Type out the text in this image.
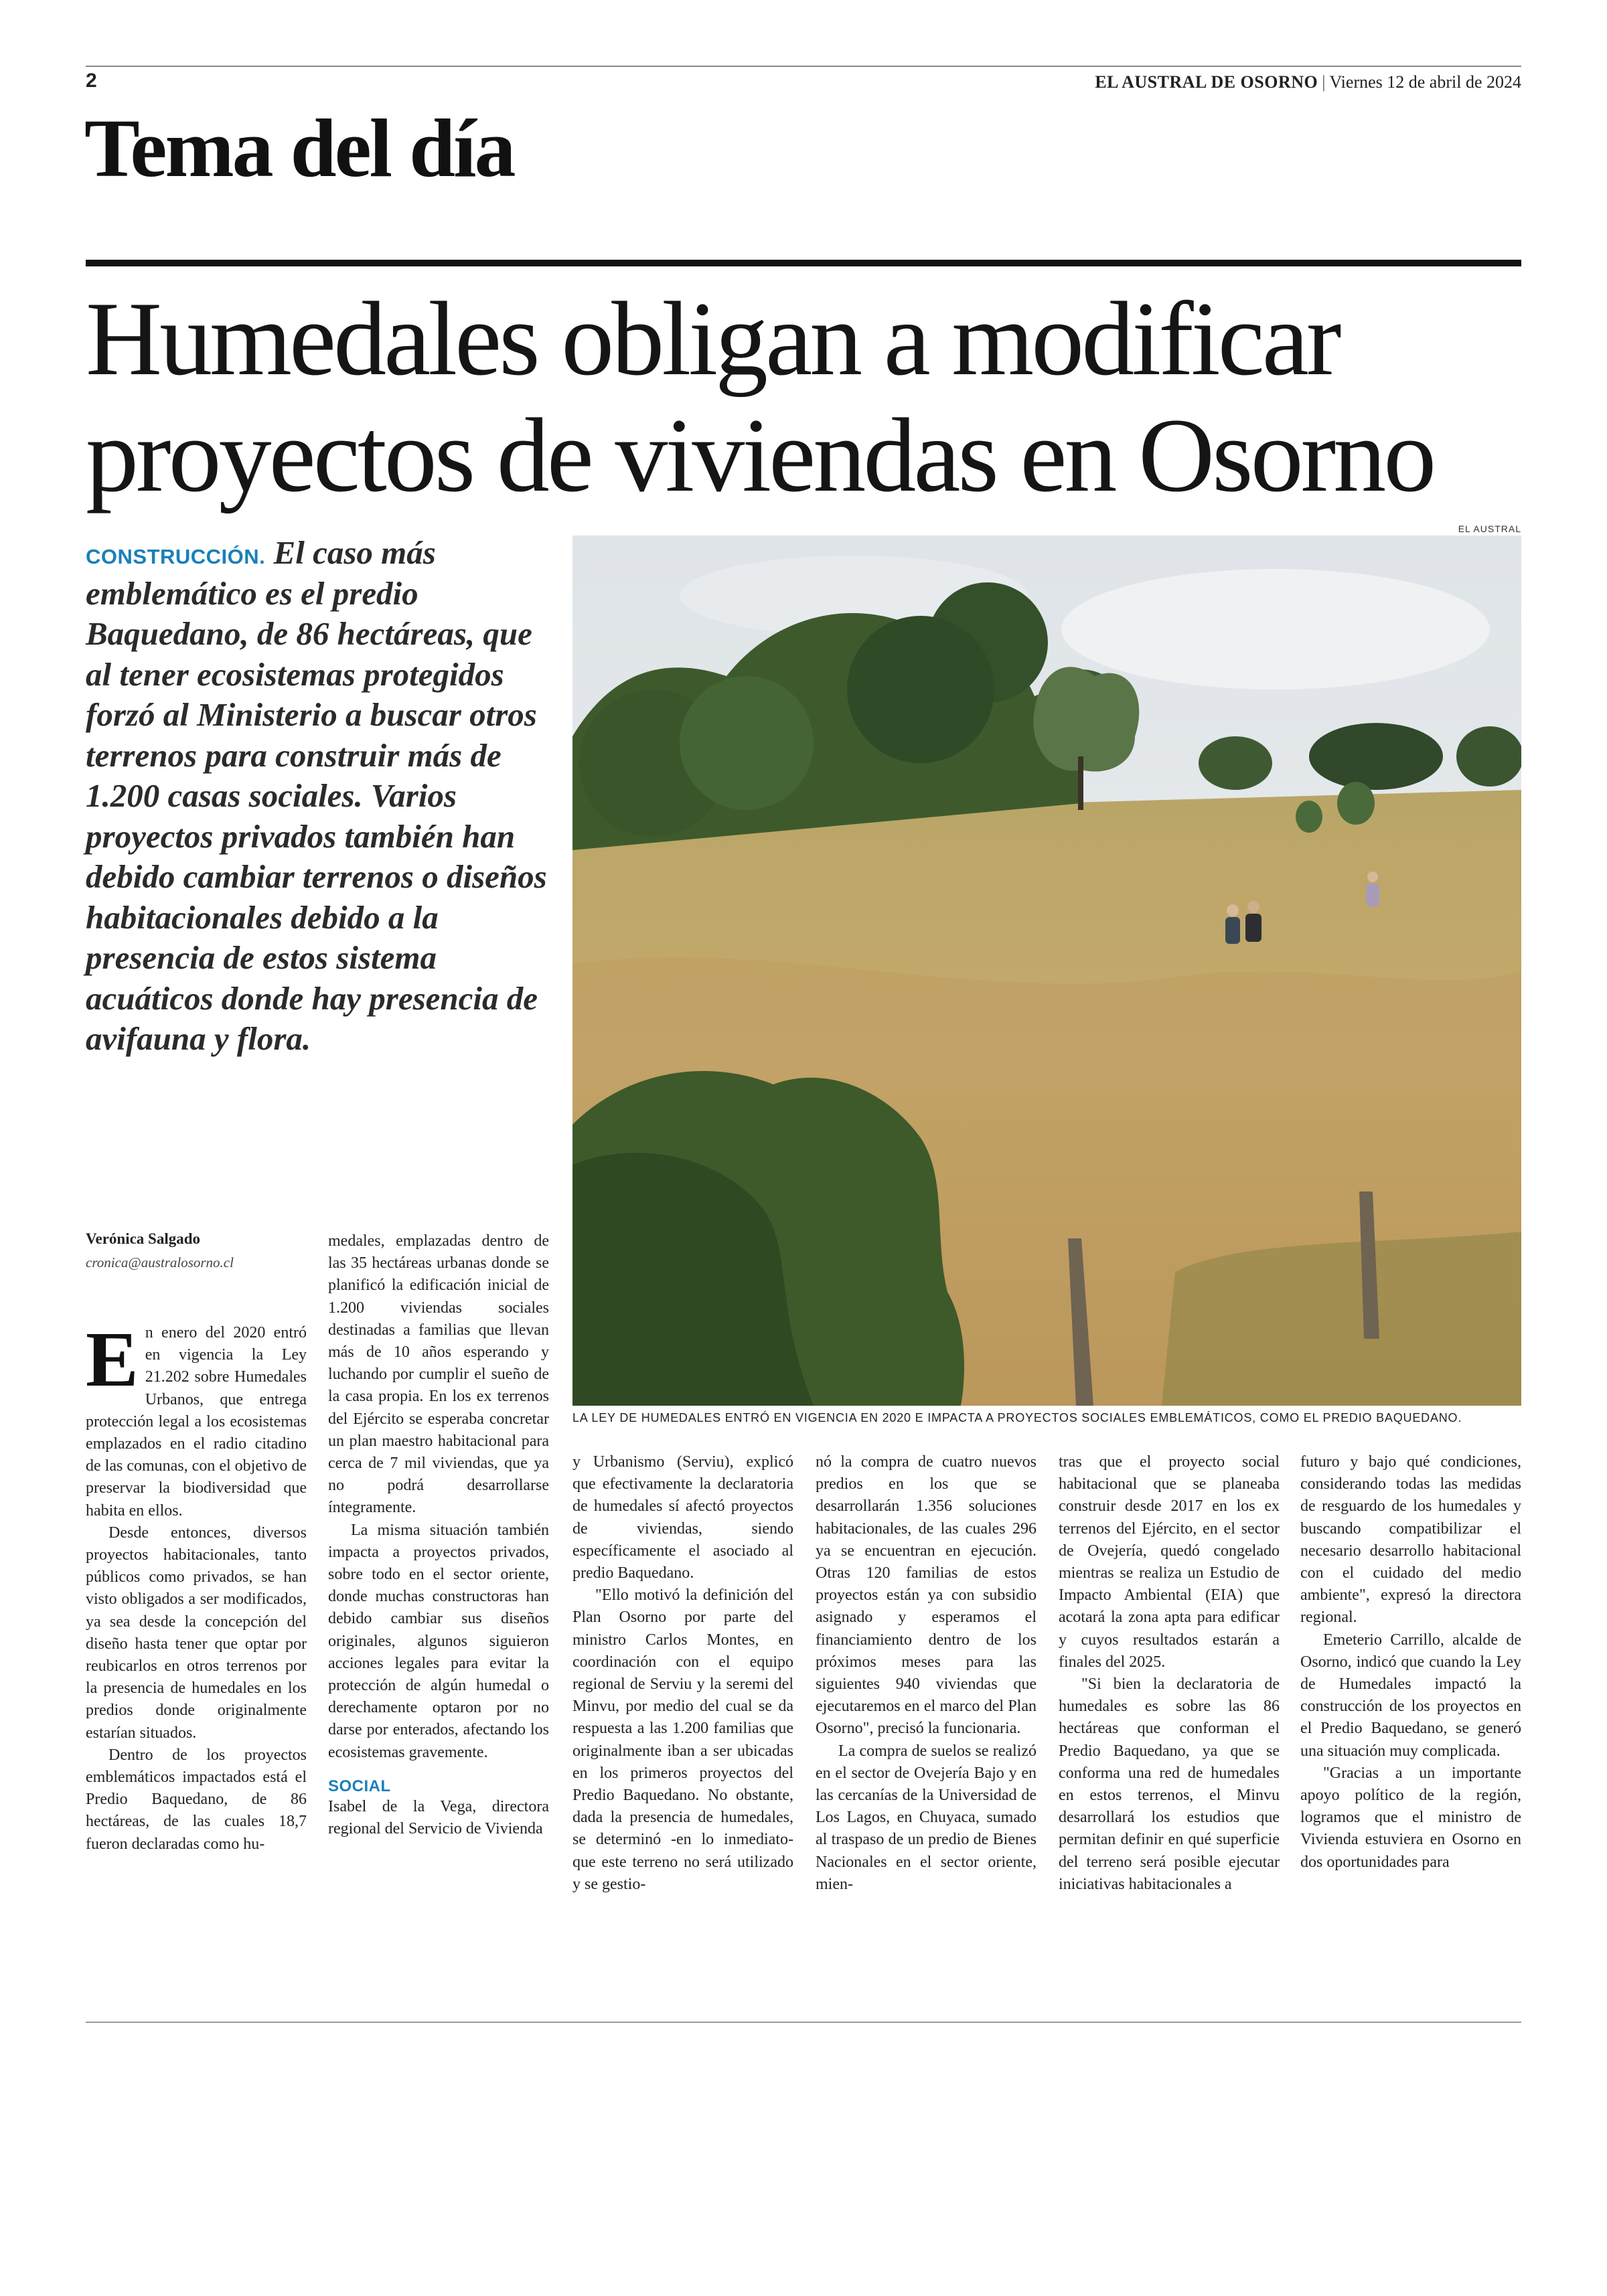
2	EL AUSTRAL DE OSORNO | Viernes 12 de abril de 2024
Tema del día
Humedales obligan a modificar
proyectos de viviendas en Osorno
EL AUSTRAL
CONSTRUCCIÓN. El caso más emblemático es el predio Baquedano, de 86 hectáreas, que al tener ecosistemas protegidos forzó al Ministerio a buscar otros terrenos para construir más de 1.200 casas sociales. Varios proyectos privados también han debido cambiar terrenos o diseños habitacionales debido a la presencia de estos sistema acuáticos donde hay presencia de avifauna y flora.
LA LEY DE HUMEDALES ENTRÓ EN VIGENCIA EN 2020 E IMPACTA A PROYECTOS SOCIALES EMBLEMÁTICOS, COMO EL PREDIO BAQUEDANO.
Verónica Salgado
cronica@australosorno.cl

En enero del 2020 entró en vigencia la Ley 21.202 sobre Humedales Urbanos, que entrega protección legal a los ecosistemas emplazados en el radio citadino de las comunas, con el objetivo de preservar la biodiversidad que habita en ellos.

Desde entonces, diversos proyectos habitacionales, tanto públicos como privados, se han visto obligados a ser modificados, ya sea desde la concepción del diseño hasta tener que optar por reubicarlos en otros terrenos por la presencia de humedales en los predios donde originalmente estarían situados.

Dentro de los proyectos emblemáticos impactados está el Predio Baquedano, de 86 hectáreas, de las cuales 18,7 fueron declaradas como hu-

medales, emplazadas dentro de las 35 hectáreas urbanas donde se planificó la edificación inicial de 1.200 viviendas sociales destinadas a familias que llevan más de 10 años esperando y luchando por cumplir el sueño de la casa propia. En los ex terrenos del Ejército se esperaba concretar un plan maestro habitacional para cerca de 7 mil viviendas, que ya no podrá desarrollarse íntegramente.

La misma situación también impacta a proyectos privados, sobre todo en el sector oriente, donde muchas constructoras han debido cambiar sus diseños originales, algunos siguieron acciones legales para evitar la protección de algún humedal o derechamente optaron por no darse por enterados, afectando los ecosistemas gravemente.

SOCIAL

Isabel de la Vega, directora regional del Servicio de Vivienda

y Urbanismo (Serviu), explicó que efectivamente la declaratoria de humedales sí afectó proyectos de viviendas, siendo específicamente el asociado al predio Baquedano.

"Ello motivó la definición del Plan Osorno por parte del ministro Carlos Montes, en coordinación con el equipo regional de Serviu y la seremi del Minvu, por medio del cual se da respuesta a las 1.200 familias que originalmente iban a ser ubicadas en los primeros proyectos del Predio Baquedano. No obstante, dada la presencia de humedales, se determinó -en lo inmediato- que este terreno no será utilizado y se gestio-

nó la compra de cuatro nuevos predios en los que se desarrollarán 1.356 soluciones habitacionales, de las cuales 296 ya se encuentran en ejecución. Otras 120 familias de estos proyectos están ya con subsidio asignado y esperamos el financiamiento dentro de los próximos meses para las siguientes 940 viviendas que ejecutaremos en el marco del Plan Osorno", precisó la funcionaria.

La compra de suelos se realizó en el sector de Ovejería Bajo y en las cercanías de la Universidad de Los Lagos, en Chuyaca, sumado al traspaso de un predio de Bienes Nacionales en el sector oriente, mien-

tras que el proyecto social habitacional que se planeaba construir desde 2017 en los ex terrenos del Ejército, en el sector de Ovejería, quedó congelado mientras se realiza un Estudio de Impacto Ambiental (EIA) que acotará la zona apta para edificar y cuyos resultados estarán a finales del 2025.

"Si bien la declaratoria de humedales es sobre las 86 hectáreas que conforman el Predio Baquedano, ya que se conforma una red de humedales en estos terrenos, el Minvu desarrollará los estudios que permitan definir en qué superficie del terreno será posible ejecutar iniciativas habitacionales a

futuro y bajo qué condiciones, considerando todas las medidas de resguardo de los humedales y buscando compatibilizar el necesario desarrollo habitacional con el cuidado del medio ambiente", expresó la directora regional.

Emeterio Carrillo, alcalde de Osorno, indicó que cuando la Ley de Humedales impactó la construcción de los proyectos en el Predio Baquedano, se generó una situación muy complicada.

"Gracias a un importante apoyo político de la región, logramos que el ministro de Vivienda estuviera en Osorno en dos oportunidades para
